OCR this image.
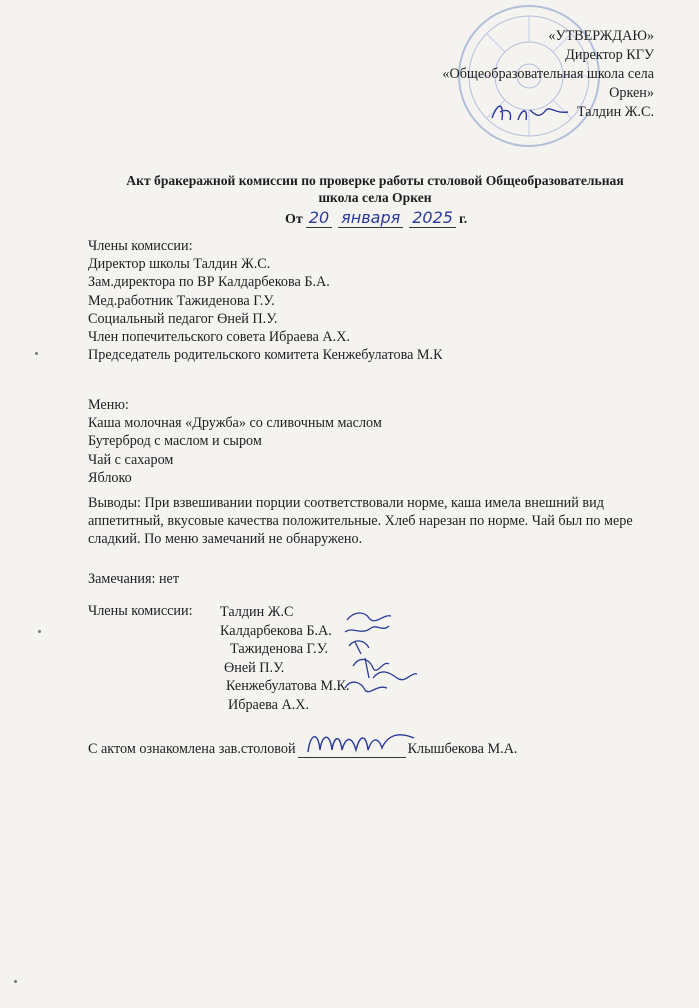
«УТВЕРЖДАЮ»
Директор КГУ
«Общеобразовательная школа села
Оркен»
Талдин Ж.С.
Акт бракеражной комиссии по проверке работы столовой Общеобразовательная
школа села Оркен
От 20 января 2025 г.

Члены комиссии:

Директор школы Талдин Ж.С.

Зам.директора по ВР Калдарбекова Б.А.

Мед.работник Тажиденова Г.У.

Социальный педагог Өней П.У.

Член попечительского совета Ибраева А.Х.

Председатель родительского комитета Кенжебулатова М.К

Меню:

Каша молочная «Дружба» со сливочным маслом

Бутерброд с маслом и сыром

Чай с сахаром

Яблоко

Выводы: При взвешивании порции соответствовали норме, каша имела внешний вид аппетитный, вкусовые качества положительные. Хлеб нарезан по норме. Чай был по мере сладкий. По меню замечаний не обнаружено.
Замечания: нет
Члены комиссии: Талдин Ж.С

Калдарбекова Б.А.

Тажиденова Г.У.

Өней П.У.

Кенжебулатова М.К.

Ибраева А.Х.

С актом ознакомлена зав.столовой	Клышбекова М.А.
